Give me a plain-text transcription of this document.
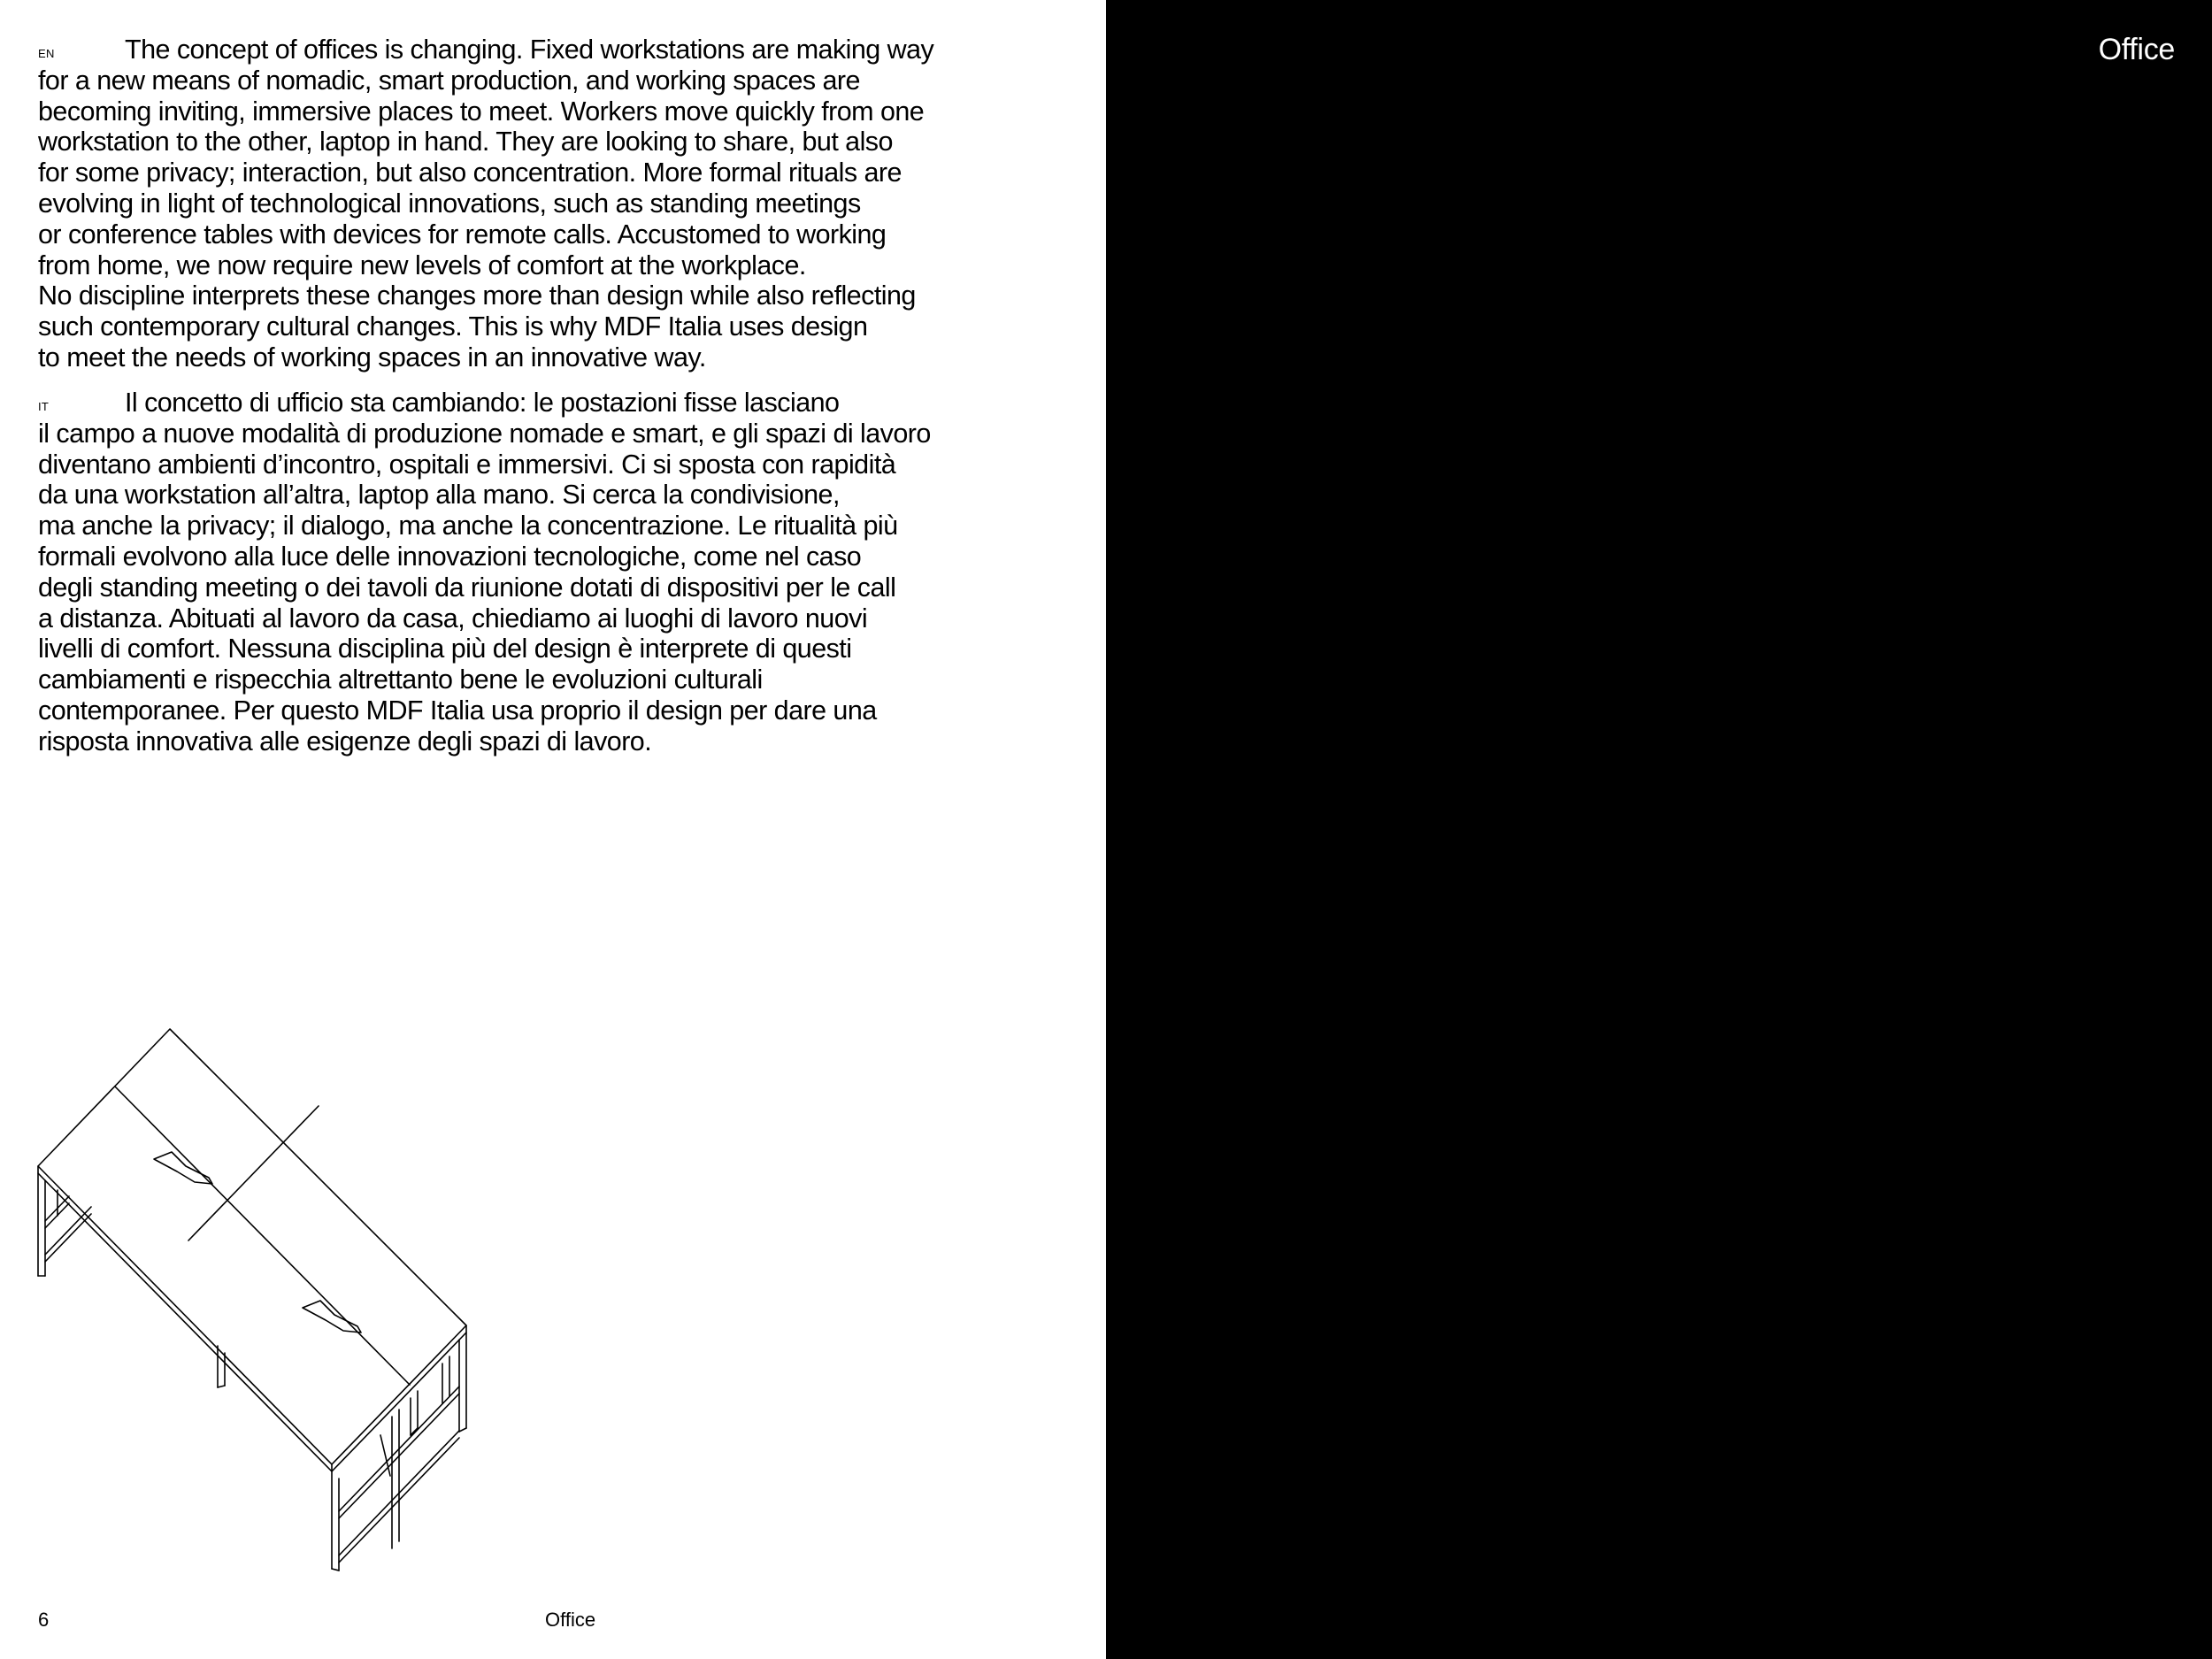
EN	The concept of offices is changing. Fixed workstations are making way
for a new means of nomadic, smart production, and working spaces are
becoming inviting, immersive places to meet. Workers move quickly from one
workstation to the other, laptop in hand. They are looking to share, but also
for some privacy; interaction, but also concentration. More formal rituals are
evolving in light of technological innovations, such as standing meetings
or conference tables with devices for remote calls. Accustomed to working
from home, we now require new levels of comfort at the workplace.
No discipline interprets these changes more than design while also reflecting
such contemporary cultural changes. This is why MDF Italia uses design
to meet the needs of working spaces in an innovative way.
IT	Il concetto di ufficio sta cambiando: le postazioni fisse lasciano
il campo a nuove modalità di produzione nomade e smart, e gli spazi di lavoro
diventano ambienti d’incontro, ospitali e immersivi. Ci si sposta con rapidità
da una workstation all’altra, laptop alla mano. Si cerca la condivisione,
ma anche la privacy; il dialogo, ma anche la concentrazione. Le ritualità più
formali evolvono alla luce delle innovazioni tecnologiche, come nel caso
degli standing meeting o dei tavoli da riunione dotati di dispositivi per le call
a distanza. Abituati al lavoro da casa, chiediamo ai luoghi di lavoro nuovi
livelli di comfort. Nessuna disciplina più del design è interprete di questi
cambiamenti e rispecchia altrettanto bene le evoluzioni culturali
contemporanee. Per questo MDF Italia usa proprio il design per dare una
risposta innovativa alle esigenze degli spazi di lavoro.
6	Office
Office
